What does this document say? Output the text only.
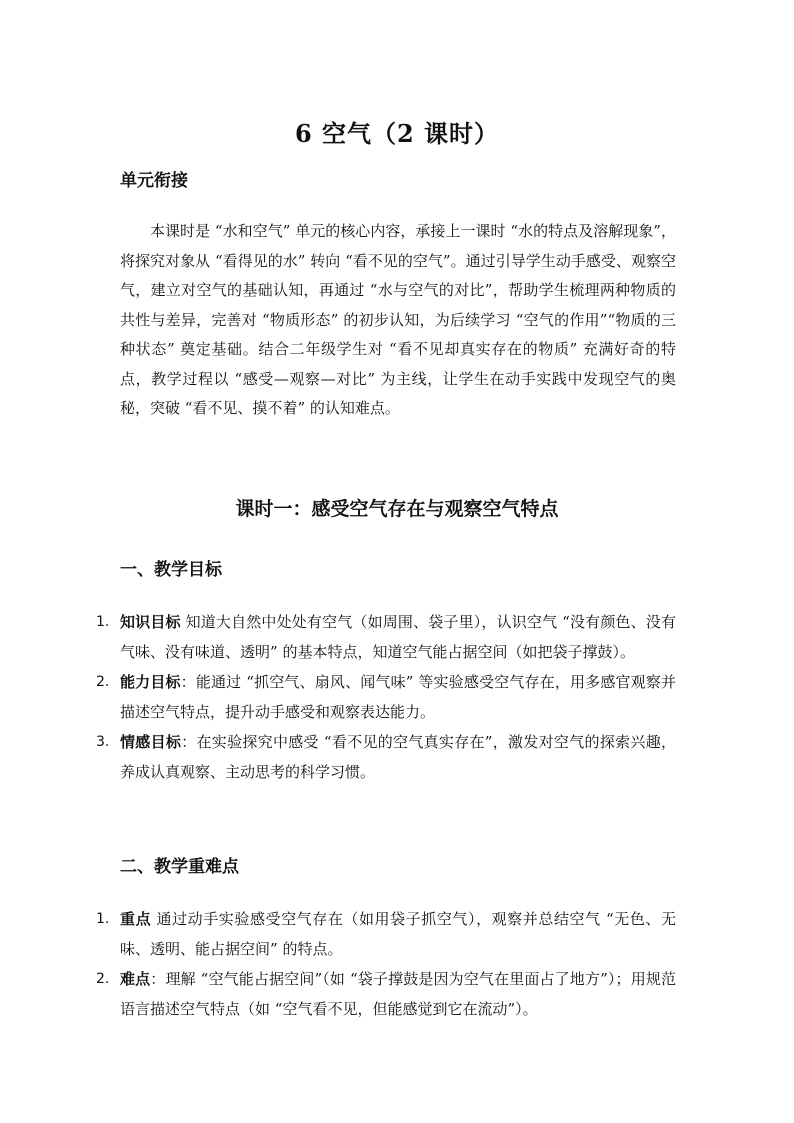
6 空气（2 课时）
单元衔接

本课时是 “水和空气” 单元的核心内容，承接上一课时 “水的特点及溶解现象”，将探究对象从 “看得见的水” 转向 “看不见的空气”。通过引导学生动手感受、观察空气，建立对空气的基础认知，再通过 “水与空气的对比”，帮助学生梳理两种物质的共性与差异，完善对 “物质形态” 的初步认知，为后续学习 “空气的作用”“物质的三种状态” 奠定基础。结合二年级学生对 “看不见却真实存在的物质” 充满好奇的特点，教学过程以 “感受—观察—对比” 为主线，让学生在动手实践中发现空气的奥秘，突破 “看不见、摸不着” 的认知难点。

课时一：感受空气存在与观察空气特点
一、教学目标
1. 知识目标 知道大自然中处处有空气（如周围、袋子里），认识空气 “没有颜色、没有气味、没有味道、透明” 的基本特点，知道空气能占据空间（如把袋子撑鼓）。
2. 能力目标：能通过 “抓空气、扇风、闻气味” 等实验感受空气存在，用多感官观察并描述空气特点，提升动手感受和观察表达能力。
3. 情感目标：在实验探究中感受 “看不见的空气真实存在”，激发对空气的探索兴趣，养成认真观察、主动思考的科学习惯。
二、教学重难点
1. 重点 通过动手实验感受空气存在（如用袋子抓空气），观察并总结空气 “无色、无味、透明、能占据空间” 的特点。
2. 难点：理解 “空气能占据空间”（如 “袋子撑鼓是因为空气在里面占了地方”）；用规范语言描述空气特点（如 “空气看不见，但能感觉到它在流动”）。
